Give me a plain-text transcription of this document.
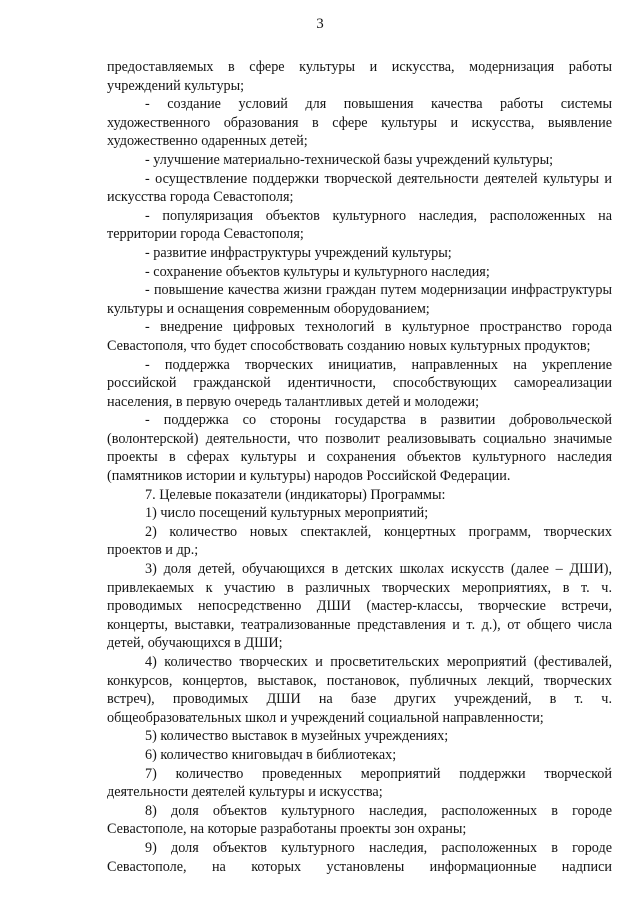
3

предоставляемых в сфере культуры и искусства, модернизация работы учреждений культуры;

- создание условий для повышения качества работы системы художественного образования в сфере культуры и искусства, выявление художественно одаренных детей;

- улучшение материально-технической базы учреждений культуры;

- осуществление поддержки творческой деятельности деятелей культуры и искусства города Севастополя;

- популяризация объектов культурного наследия, расположенных на территории города Севастополя;

- развитие инфраструктуры учреждений культуры;

- сохранение объектов культуры и культурного наследия;

- повышение качества жизни граждан путем модернизации инфраструктуры культуры и оснащения современным оборудованием;

- внедрение цифровых технологий в культурное пространство города Севастополя, что будет способствовать созданию новых культурных продуктов;

- поддержка творческих инициатив, направленных на укрепление российской гражданской идентичности, способствующих самореализации населения, в первую очередь талантливых детей и молодежи;

- поддержка со стороны государства в развитии добровольческой (волонтерской) деятельности, что позволит реализовывать социально значимые проекты в сферах культуры и сохранения объектов культурного наследия (памятников истории и культуры) народов Российской Федерации.

7. Целевые показатели (индикаторы) Программы:

1) число посещений культурных мероприятий;

2) количество новых спектаклей, концертных программ, творческих проектов и др.;

3) доля детей, обучающихся в детских школах искусств (далее – ДШИ), привлекаемых к участию в различных творческих мероприятиях, в т. ч. проводимых непосредственно ДШИ (мастер-классы, творческие встречи, концерты, выставки, театрализованные представления и т. д.), от общего числа детей, обучающихся в ДШИ;

4) количество творческих и просветительских мероприятий (фестивалей, конкурсов, концертов, выставок, постановок, публичных лекций, творческих встреч), проводимых ДШИ на базе других учреждений, в т. ч. общеобразовательных школ и учреждений социальной направленности;

5) количество выставок в музейных учреждениях;

6) количество книговыдач в библиотеках;

7) количество проведенных мероприятий поддержки творческой деятельности деятелей культуры и искусства;

8) доля объектов культурного наследия, расположенных в городе Севастополе, на которые разработаны проекты зон охраны;

9) доля объектов культурного наследия, расположенных в городе Севастополе, на которых установлены информационные надписи
